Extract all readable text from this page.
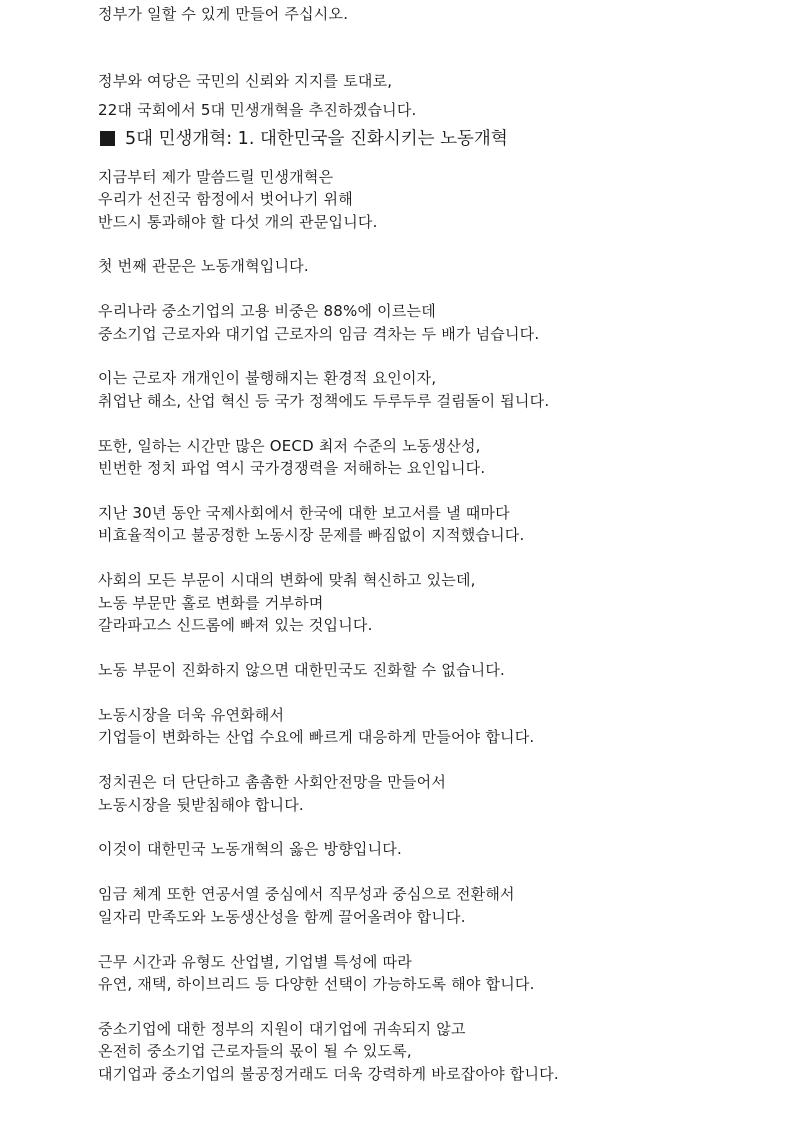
정부가 일할 수 있게 만들어 주십시오.
정부와 여당은 국민의 신뢰와 지지를 토대로,
22대 국회에서 5대 민생개혁을 추진하겠습니다.
5대 민생개혁: 1. 대한민국을 진화시키는 노동개혁
지금부터 제가 말씀드릴 민생개혁은
우리가 선진국 함정에서 벗어나기 위해
반드시 통과해야 할 다섯 개의 관문입니다.
첫 번째 관문은 노동개혁입니다.
우리나라 중소기업의 고용 비중은 88%에 이르는데
중소기업 근로자와 대기업 근로자의 임금 격차는 두 배가 넘습니다.
이는 근로자 개개인이 불행해지는 환경적 요인이자,
취업난 해소, 산업 혁신 등 국가 정책에도 두루두루 걸림돌이 됩니다.
또한, 일하는 시간만 많은 OECD 최저 수준의 노동생산성,
빈번한 정치 파업 역시 국가경쟁력을 저해하는 요인입니다.
지난 30년 동안 국제사회에서 한국에 대한 보고서를 낼 때마다
비효율적이고 불공정한 노동시장 문제를 빠짐없이 지적했습니다.
사회의 모든 부문이 시대의 변화에 맞춰 혁신하고 있는데,
노동 부문만 홀로 변화를 거부하며
갈라파고스 신드롬에 빠져 있는 것입니다.
노동 부문이 진화하지 않으면 대한민국도 진화할 수 없습니다.
노동시장을 더욱 유연화해서
기업들이 변화하는 산업 수요에 빠르게 대응하게 만들어야 합니다.
정치권은 더 단단하고 촘촘한 사회안전망을 만들어서
노동시장을 뒷받침해야 합니다.
이것이 대한민국 노동개혁의 옳은 방향입니다.
임금 체계 또한 연공서열 중심에서 직무성과 중심으로 전환해서
일자리 만족도와 노동생산성을 함께 끌어올려야 합니다.
근무 시간과 유형도 산업별, 기업별 특성에 따라
유연, 재택, 하이브리드 등 다양한 선택이 가능하도록 해야 합니다.
중소기업에 대한 정부의 지원이 대기업에 귀속되지 않고
온전히 중소기업 근로자들의 몫이 될 수 있도록,
대기업과 중소기업의 불공정거래도 더욱 강력하게 바로잡아야 합니다.
